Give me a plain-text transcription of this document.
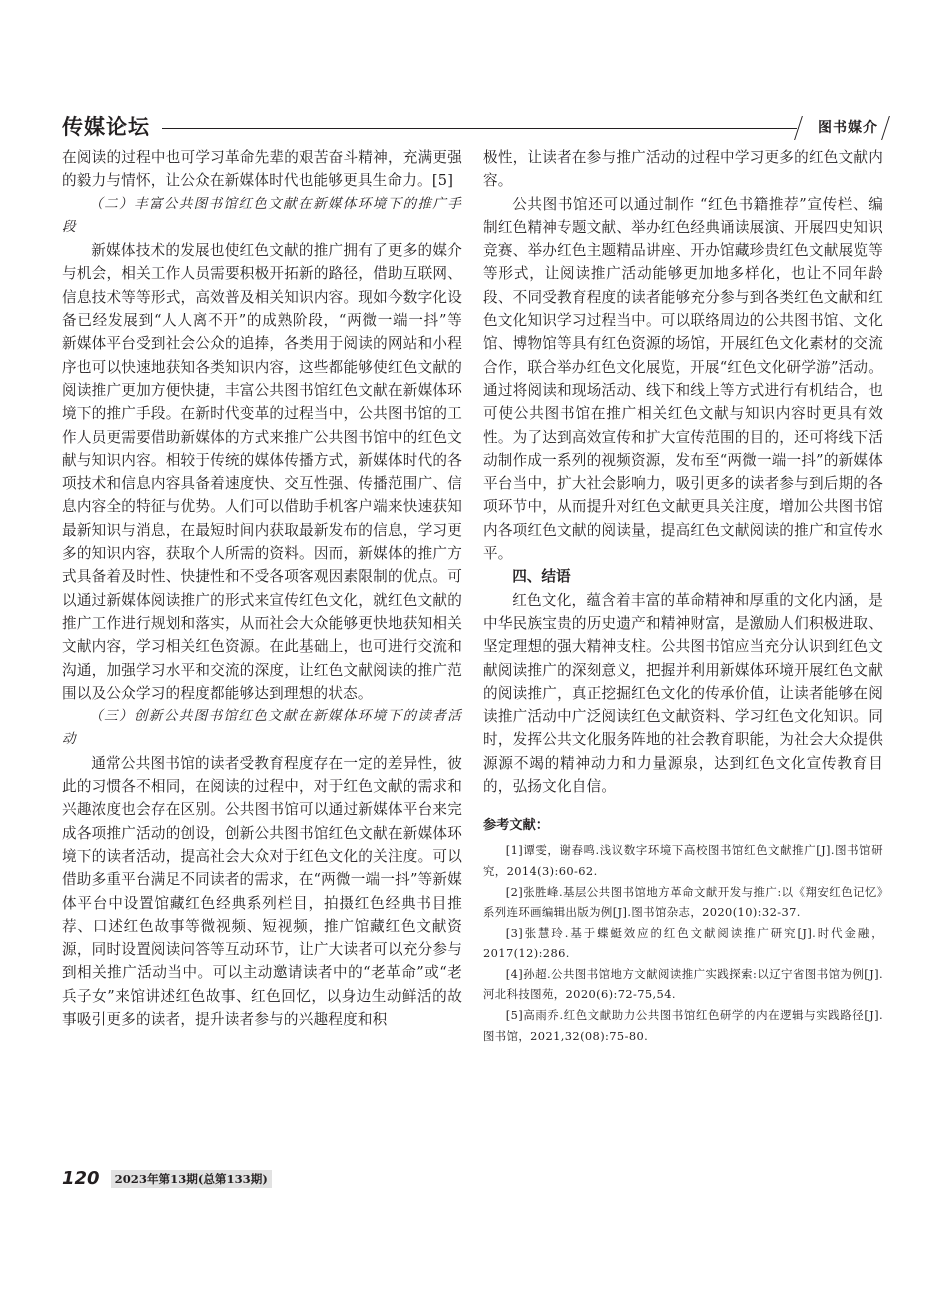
传媒论坛	图书媒介

在阅读的过程中也可学习革命先辈的艰苦奋斗精神，充满更强的毅力与情怀，让公众在新媒体时代也能够更具生命力。[5]

（二）丰富公共图书馆红色文献在新媒体环境下的推广手段

新媒体技术的发展也使红色文献的推广拥有了更多的媒介与机会，相关工作人员需要积极开拓新的路径，借助互联网、信息技术等等形式，高效普及相关知识内容。现如今数字化设备已经发展到“人人离不开”的成熟阶段，“两微一端一抖”等新媒体平台受到社会公众的追捧，各类用于阅读的网站和小程序也可以快速地获知各类知识内容，这些都能够使红色文献的阅读推广更加方便快捷，丰富公共图书馆红色文献在新媒体环境下的推广手段。在新时代变革的过程当中，公共图书馆的工作人员更需要借助新媒体的方式来推广公共图书馆中的红色文献与知识内容。相较于传统的媒体传播方式，新媒体时代的各项技术和信息内容具备着速度快、交互性强、传播范围广、信息内容全的特征与优势。人们可以借助手机客户端来快速获知最新知识与消息，在最短时间内获取最新发布的信息，学习更多的知识内容，获取个人所需的资料。因而，新媒体的推广方式具备着及时性、快捷性和不受各项客观因素限制的优点。可以通过新媒体阅读推广的形式来宣传红色文化，就红色文献的推广工作进行规划和落实，从而社会大众能够更快地获知相关文献内容，学习相关红色资源。在此基础上，也可进行交流和沟通，加强学习水平和交流的深度，让红色文献阅读的推广范围以及公众学习的程度都能够达到理想的状态。

（三）创新公共图书馆红色文献在新媒体环境下的读者活动

通常公共图书馆的读者受教育程度存在一定的差异性，彼此的习惯各不相同，在阅读的过程中，对于红色文献的需求和兴趣浓度也会存在区别。公共图书馆可以通过新媒体平台来完成各项推广活动的创设，创新公共图书馆红色文献在新媒体环境下的读者活动，提高社会大众对于红色文化的关注度。可以借助多重平台满足不同读者的需求，在“两微一端一抖”等新媒体平台中设置馆藏红色经典系列栏目，拍摄红色经典书目推荐、口述红色故事等微视频、短视频，推广馆藏红色文献资源，同时设置阅读问答等互动环节，让广大读者可以充分参与到相关推广活动当中。可以主动邀请读者中的“老革命”或“老兵子女”来馆讲述红色故事、红色回忆，以身边生动鲜活的故事吸引更多的读者，提升读者参与的兴趣程度和积

极性，让读者在参与推广活动的过程中学习更多的红色文献内容。

公共图书馆还可以通过制作 “红色书籍推荐”宣传栏、编制红色精神专题文献、举办红色经典诵读展演、开展四史知识竞赛、举办红色主题精品讲座、开办馆藏珍贵红色文献展览等等形式，让阅读推广活动能够更加地多样化，也让不同年龄段、不同受教育程度的读者能够充分参与到各类红色文献和红色文化知识学习过程当中。可以联络周边的公共图书馆、文化馆、博物馆等具有红色资源的场馆，开展红色文化素材的交流合作，联合举办红色文化展览，开展“红色文化研学游”活动。通过将阅读和现场活动、线下和线上等方式进行有机结合，也可使公共图书馆在推广相关红色文献与知识内容时更具有效性。为了达到高效宣传和扩大宣传范围的目的，还可将线下活动制作成一系列的视频资源，发布至“两微一端一抖”的新媒体平台当中，扩大社会影响力，吸引更多的读者参与到后期的各项环节中，从而提升对红色文献更具关注度，增加公共图书馆内各项红色文献的阅读量，提高红色文献阅读的推广和宣传水平。

四、结语

红色文化，蕴含着丰富的革命精神和厚重的文化内涵，是中华民族宝贵的历史遗产和精神财富，是激励人们积极进取、坚定理想的强大精神支柱。公共图书馆应当充分认识到红色文献阅读推广的深刻意义，把握并利用新媒体环境开展红色文献的阅读推广，真正挖掘红色文化的传承价值，让读者能够在阅读推广活动中广泛阅读红色文献资料、学习红色文化知识。同时，发挥公共文化服务阵地的社会教育职能，为社会大众提供源源不竭的精神动力和力量源泉，达到红色文化宣传教育目的，弘扬文化自信。

参考文献：

[1]谭雯，谢春鸣.浅议数字环境下高校图书馆红色文献推广[J].图书馆研究，2014(3):60-62.

[2]张胜峰.基层公共图书馆地方革命文献开发与推广:以《翔安红色记忆》系列连环画编辑出版为例[J].图书馆杂志，2020(10):32-37.

[3]张慧玲.基于蝶蜓效应的红色文献阅读推广研究[J].时代金融，2017(12):286.

[4]孙超.公共图书馆地方文献阅读推广实践探索:以辽宁省图书馆为例[J].河北科技图苑，2020(6):72-75,54.

[5]高雨乔.红色文献助力公共图书馆红色研学的内在逻辑与实践路径[J].图书馆，2021,32(08):75-80.

120 2023年第13期(总第133期)
